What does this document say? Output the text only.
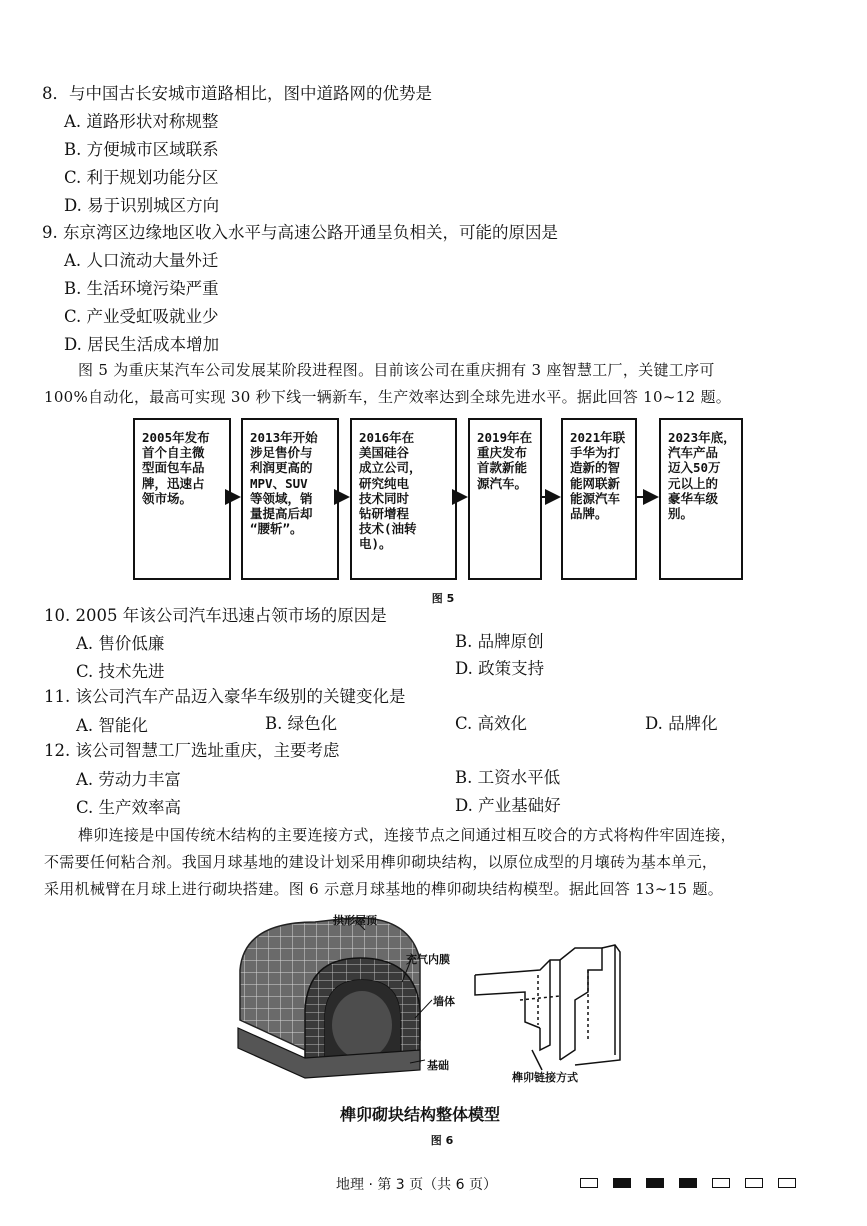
8．与中国古长安城市道路相比，图中道路网的优势是
A. 道路形状对称规整
B. 方便城市区域联系
C. 利于规划功能分区
D. 易于识别城区方向
9. 东京湾区边缘地区收入水平与高速公路开通呈负相关，可能的原因是
A. 人口流动大量外迁
B. 生活环境污染严重
C. 产业受虹吸就业少
D. 居民生活成本增加
图 5 为重庆某汽车公司发展某阶段进程图。目前该公司在重庆拥有 3 座智慧工厂，关键工序可
100%自动化，最高可实现 30 秒下线一辆新车，生产效率达到全球先进水平。据此回答 10~12 题。
2005年发布
首个自主微
型面包车品
牌，迅速占
领市场。
2013年开始
涉足售价与
利润更高的
MPV、SUV
等领域，销
量提高后却
“腰斩”。
2016年在
美国硅谷
成立公司，
研究纯电
技术同时
钻研增程
技术(油转
电)。
2019年在
重庆发布
首款新能
源汽车。
2021年联
手华为打
造新的智
能网联新
能源汽车
品牌。
2023年底，
汽车产品
迈入50万
元以上的
豪华车级
别。
图 5
10. 2005 年该公司汽车迅速占领市场的原因是
A. 售价低廉	B. 品牌原创
C. 技术先进	D. 政策支持
11. 该公司汽车产品迈入豪华车级别的关键变化是
A. 智能化	B. 绿色化	C. 高效化	D. 品牌化
12. 该公司智慧工厂选址重庆，主要考虑
A. 劳动力丰富	B. 工资水平低
C. 生产效率高	D. 产业基础好
榫卯连接是中国传统木结构的主要连接方式，连接节点之间通过相互咬合的方式将构件牢固连接，
不需要任何粘合剂。我国月球基地的建设计划采用榫卯砌块结构，以原位成型的月壤砖为基本单元，
采用机械臂在月球上进行砌块搭建。图 6 示意月球基地的榫卯砌块结构模型。据此回答 13~15 题。
拱形屋顶
充气内膜
墙体
基础
榫卯链接方式
榫卯砌块结构整体模型
图 6
地理 · 第 3 页（共 6 页）
